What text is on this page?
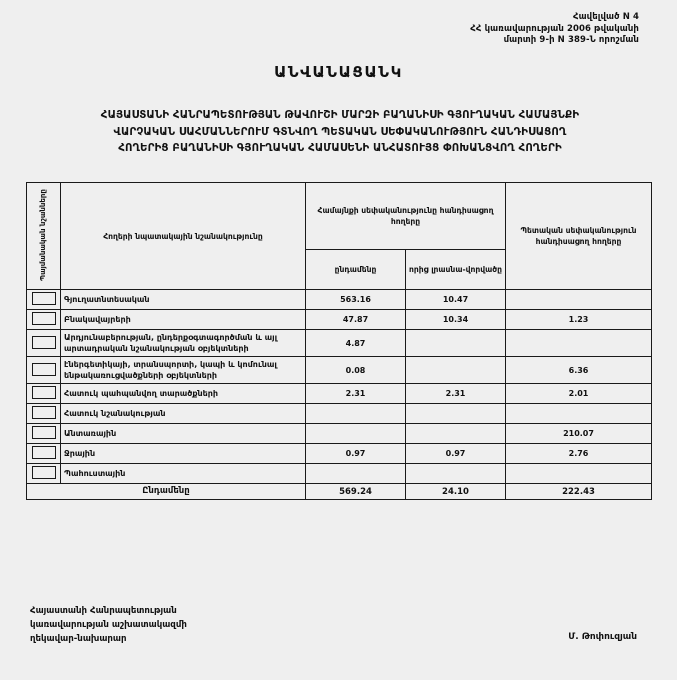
Հավելված N 4
ՀՀ կառավարության 2006 թվականի
մարտի 9-ի N 389-Ն որոշման
ԱՆՎԱՆԱՑԱՆԿ
ՀԱՅԱՍՏԱՆԻ ՀԱՆՐԱՊԵՏՈՒԹՅԱՆ ԹԱՎՈՒՇԻ ՄԱՐԶԻ ԲԱՂԱՆԻՍԻ ԳՅՈՒՂԱԿԱՆ ՀԱՄԱՅՆՔԻ
ՎԱՐՉԱԿԱՆ ՍԱՀՄԱՆՆԵՐՈՒՄ ԳՏՆՎՈՂ ՊԵՏԱԿԱՆ ՍԵՓԱԿԱՆՈՒԹՅՈՒՆ ՀԱՆԴԻՍԱՑՈՂ
ՀՈՂԵՐԻՑ ԲԱՂԱՆԻՍԻ ԳՅՈՒՂԱԿԱՆ ՀԱՄԱՍԵՆԻ ԱՆՀԱՏՈՒՅՑ ՓՈԽԱՆՑՎՈՂ ՀՈՂԵՐԻ
Պայմանական նշանները	Հողերի նպատակային նշանակությունը	Համայնքի սեփականությունը հանդիսացող հողերը		Պետական սեփականություն հանդիսացող հողերը
		ընդամենը	որից լրասնա-վորվածը	
	Գյուղատնտեսական	563.16	10.47	
	Բնակավայրերի	47.87	10.34	1.23
	Արդյունաբերության, ընդերքօգտագործման և այլ արտադրական նշանակության օբյեկտների	4.87		
	էներգետիկայի, տրանսպորտի, կապի և կոմունալ ենթակառուցվածքների օբյեկտների	0.08		6.36
	Հատուկ պահպանվող տարածքների	2.31	2.31	2.01
	Հատուկ նշանակության			
	Անտառային			210.07
	Ջրային	0.97	0.97	2.76
	Պահուստային			
Ընդամենը		569.24	24.10	222.43
Հայաստանի Հանրապետության
կառավարության աշխատակազմի
ղեկավար-նախարար	Մ. Թոփուզյան
